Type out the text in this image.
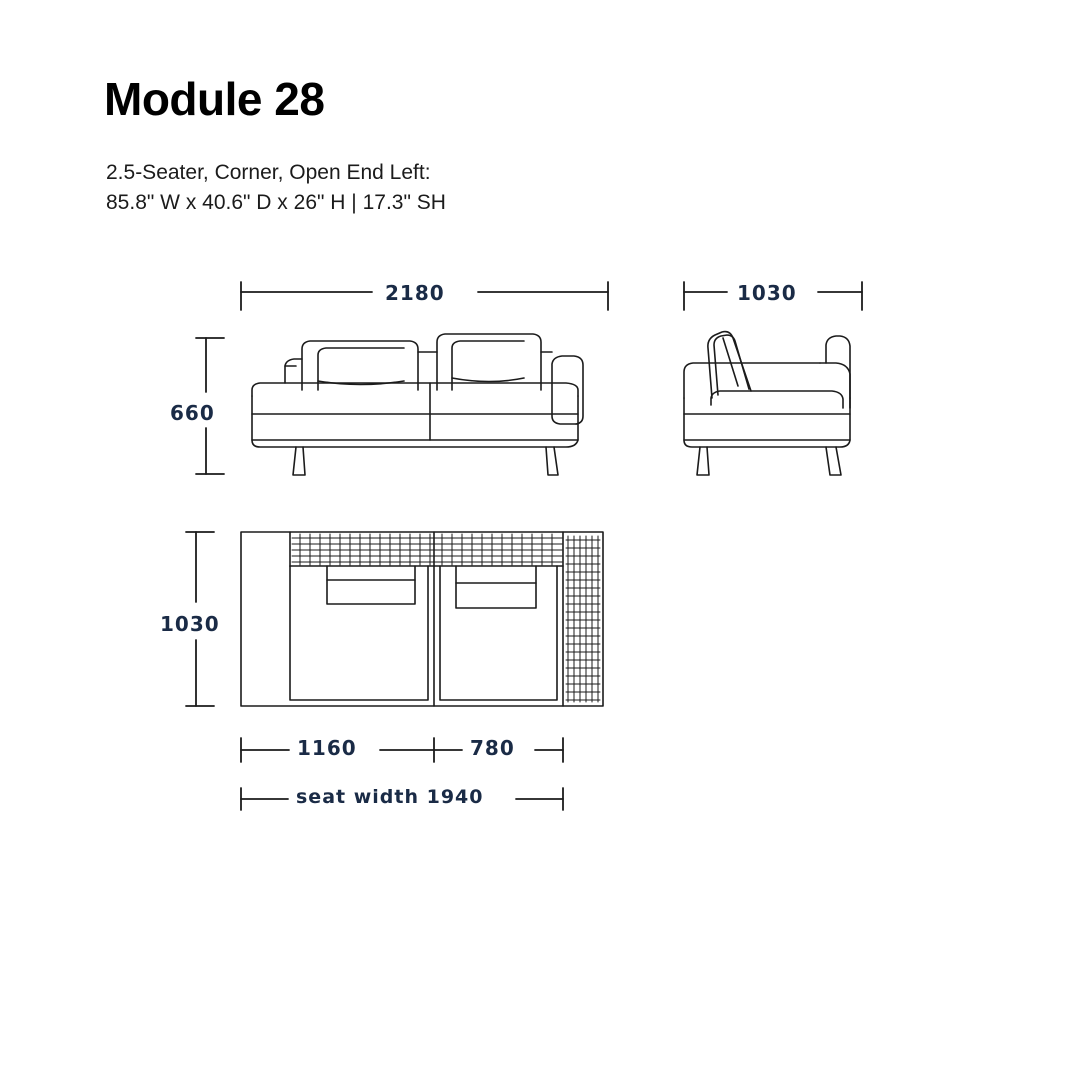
Module 28
2.5-Seater, Corner, Open End Left:
85.8" W x 40.6" D x 26" H | 17.3" SH
2180	1030
660
1030
1160	780
seat width 1940
